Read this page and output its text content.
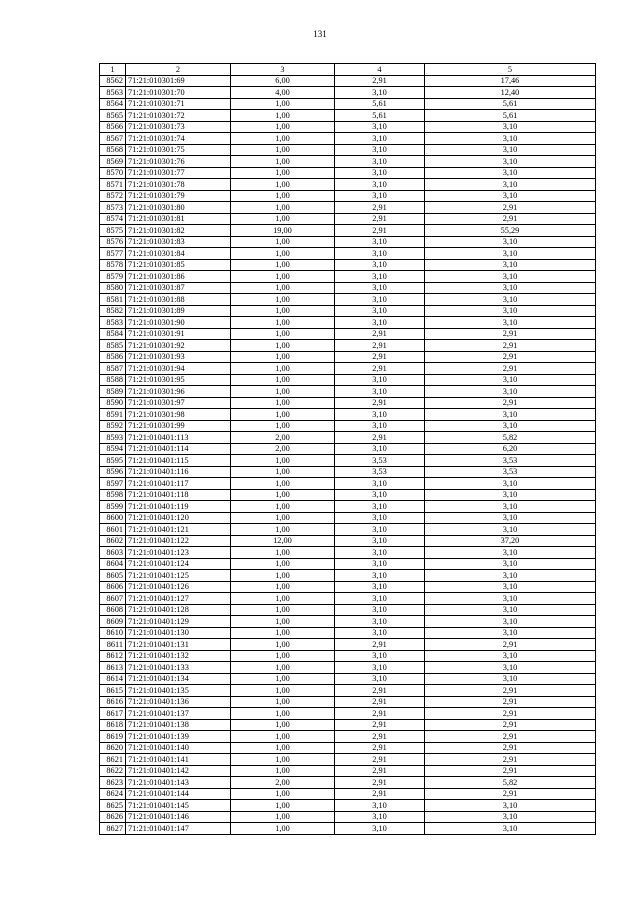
131
1	2	3	4	5
8562	71:21:010301:69	6,00	2,91	17,46
8563	71:21:010301:70	4,00	3,10	12,40
8564	71:21:010301:71	1,00	5,61	5,61
8565	71:21:010301:72	1,00	5,61	5,61
8566	71:21:010301:73	1,00	3,10	3,10
8567	71:21:010301:74	1,00	3,10	3,10
8568	71:21:010301:75	1,00	3,10	3,10
8569	71:21:010301:76	1,00	3,10	3,10
8570	71:21:010301:77	1,00	3,10	3,10
8571	71:21:010301:78	1,00	3,10	3,10
8572	71:21:010301:79	1,00	3,10	3,10
8573	71:21:010301:80	1,00	2,91	2,91
8574	71:21:010301:81	1,00	2,91	2,91
8575	71:21:010301:82	19,00	2,91	55,29
8576	71:21:010301:83	1,00	3,10	3,10
8577	71:21:010301:84	1,00	3,10	3,10
8578	71:21:010301:85	1,00	3,10	3,10
8579	71:21:010301:86	1,00	3,10	3,10
8580	71:21:010301:87	1,00	3,10	3,10
8581	71:21:010301:88	1,00	3,10	3,10
8582	71:21:010301:89	1,00	3,10	3,10
8583	71:21:010301:90	1,00	3,10	3,10
8584	71:21:010301:91	1,00	2,91	2,91
8585	71:21:010301:92	1,00	2,91	2,91
8586	71:21:010301:93	1,00	2,91	2,91
8587	71:21:010301:94	1,00	2,91	2,91
8588	71:21:010301:95	1,00	3,10	3,10
8589	71:21:010301:96	1,00	3,10	3,10
8590	71:21:010301:97	1,00	2,91	2,91
8591	71:21:010301:98	1,00	3,10	3,10
8592	71:21:010301:99	1,00	3,10	3,10
8593	71:21:010401:113	2,00	2,91	5,82
8594	71:21:010401:114	2,00	3,10	6,20
8595	71:21:010401:115	1,00	3,53	3,53
8596	71:21:010401:116	1,00	3,53	3,53
8597	71:21:010401:117	1,00	3,10	3,10
8598	71:21:010401:118	1,00	3,10	3,10
8599	71:21:010401:119	1,00	3,10	3,10
8600	71:21:010401:120	1,00	3,10	3,10
8601	71:21:010401:121	1,00	3,10	3,10
8602	71:21:010401:122	12,00	3,10	37,20
8603	71:21:010401:123	1,00	3,10	3,10
8604	71:21:010401:124	1,00	3,10	3,10
8605	71:21:010401:125	1,00	3,10	3,10
8606	71:21:010401:126	1,00	3,10	3,10
8607	71:21:010401:127	1,00	3,10	3,10
8608	71:21:010401:128	1,00	3,10	3,10
8609	71:21:010401:129	1,00	3,10	3,10
8610	71:21:010401:130	1,00	3,10	3,10
8611	71:21:010401:131	1,00	2,91	2,91
8612	71:21:010401:132	1,00	3,10	3,10
8613	71:21:010401:133	1,00	3,10	3,10
8614	71:21:010401:134	1,00	3,10	3,10
8615	71:21:010401:135	1,00	2,91	2,91
8616	71:21:010401:136	1,00	2,91	2,91
8617	71:21:010401:137	1,00	2,91	2,91
8618	71:21:010401:138	1,00	2,91	2,91
8619	71:21:010401:139	1,00	2,91	2,91
8620	71:21:010401:140	1,00	2,91	2,91
8621	71:21:010401:141	1,00	2,91	2,91
8622	71:21:010401:142	1,00	2,91	2,91
8623	71:21:010401:143	2,00	2,91	5,82
8624	71:21:010401:144	1,00	2,91	2,91
8625	71:21:010401:145	1,00	3,10	3,10
8626	71:21:010401:146	1,00	3,10	3,10
8627	71:21:010401:147	1,00	3,10	3,10
